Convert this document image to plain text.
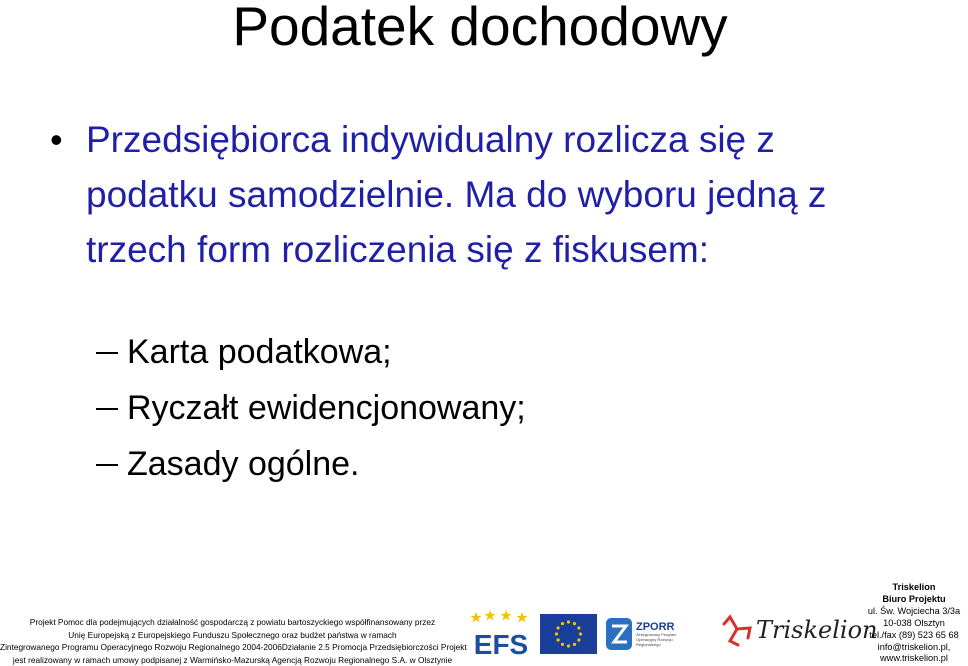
Podatek dochodowy
• Przedsiębiorca indywidualny rozlicza się z podatku samodzielnie. Ma do wyboru jedną z trzech form rozliczenia się z fiskusem:
Karta podatkowa;
Ryczałt ewidencjonowany;
Zasady ogólne.
Projekt Pomoc dla podejmujących działalność gospodarczą z powiatu bartoszyckiego współfinansowany przez
Unię Europejską z Europejskiego Funduszu Społecznego oraz budżet państwa w ramach
Zintegrowanego Programu Operacyjnego Rozwoju Regionalnego 2004-2006Działanie 2.5 Promocja Przedsiębiorczości Projekt
jest realizowany w ramach umowy podpisanej z Warmińsko-Mazurską Agencją Rozwoju Regionalnego S.A. w Olsztynie EFS
ZPORR
Zintegrowany Program Operacyjny Rozwoju Regionalnego
Triskelion
Triskelion
Biuro Projektu
ul. Św. Wojciecha 3/3a
10-038 Olsztyn
tel./fax (89) 523 65 68
info@triskelion.pl,
www.triskelion.pl
